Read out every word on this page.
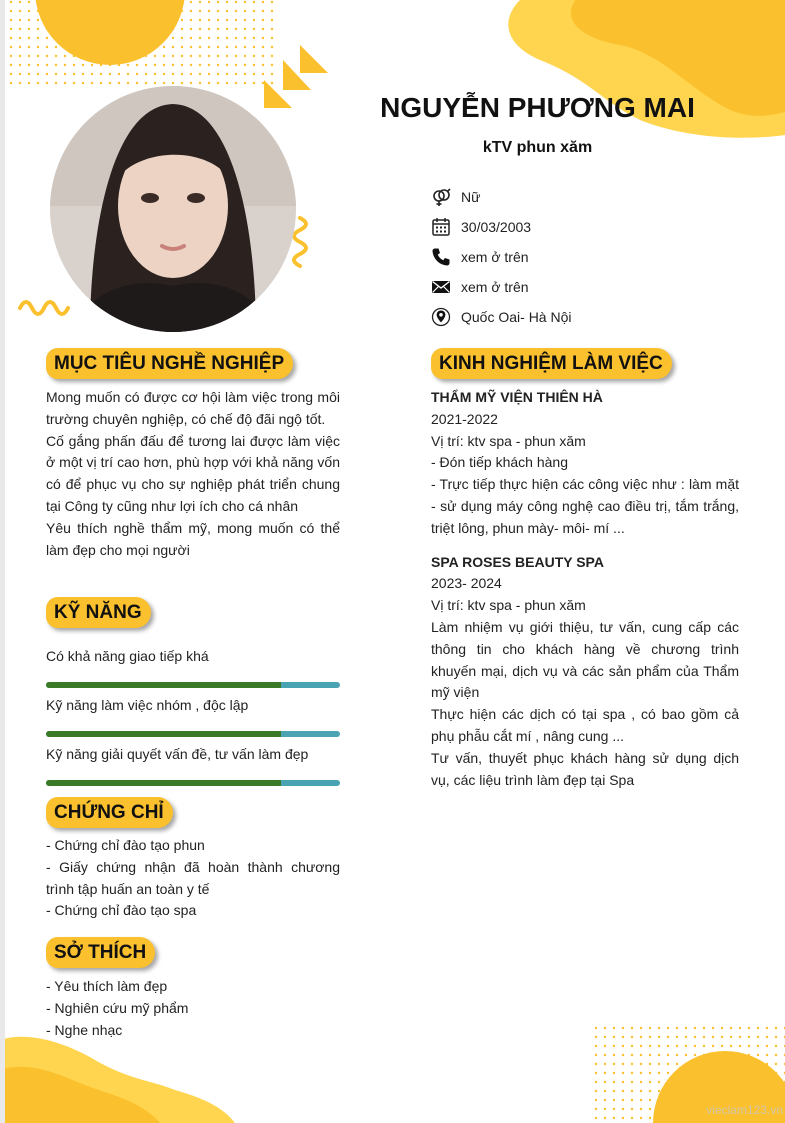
NGUYỄN PHƯƠNG MAI
kTV phun xăm
Nữ
30/03/2003
xem ở trên
xem ở trên
Quốc Oai- Hà Nội
MỤC TIÊU NGHỀ NGHIỆP

Mong muốn có được cơ hội làm việc trong môi trường chuyên nghiệp, có chế độ đãi ngộ tốt.

Cố gắng phấn đấu để tương lai được làm việc ở một vị trí cao hơn, phù hợp với khả năng vốn có để phục vụ cho sự nghiệp phát triển chung tại Công ty cũng như lợi ích cho cá nhân

Yêu thích nghề thẩm mỹ, mong muốn có thể làm đẹp cho mọi người

KỸ NĂNG

Có khả năng giao tiếp khá

Kỹ năng làm việc nhóm , độc lập

Kỹ năng giải quyết vấn đề, tư vấn làm đẹp

CHỨNG CHỈ

- Chứng chỉ đào tạo phun

- Giấy chứng nhận đã hoàn thành chương trình tập huấn an toàn y tế

- Chứng chỉ đào tạo spa

SỞ THÍCH

- Yêu thích làm đẹp

- Nghiên cứu mỹ phẩm

- Nghe nhạc

KINH NGHIỆM LÀM VIỆC

THẨM MỸ VIỆN THIÊN HÀ

2021-2022

Vị trí: ktv spa - phun xăm

- Đón tiếp khách hàng

- Trực tiếp thực hiện các công việc như : làm mặt - sử dụng máy công nghệ cao điều trị, tắm trắng, triệt lông, phun mày- môi- mí ...

SPA ROSES BEAUTY SPA

2023- 2024

Vị trí: ktv spa - phun xăm

Làm nhiệm vụ giới thiệu, tư vấn, cung cấp các thông tin cho khách hàng về chương trình khuyến mại, dịch vụ và các sản phẩm của Thẩm mỹ viện

Thực hiện các dịch có tại spa , có bao gồm cả phụ phẫu cắt mí , nâng cung ...

Tư vấn, thuyết phục khách hàng sử dụng dịch vụ, các liệu trình làm đẹp tại Spa

vieclam123.vn
